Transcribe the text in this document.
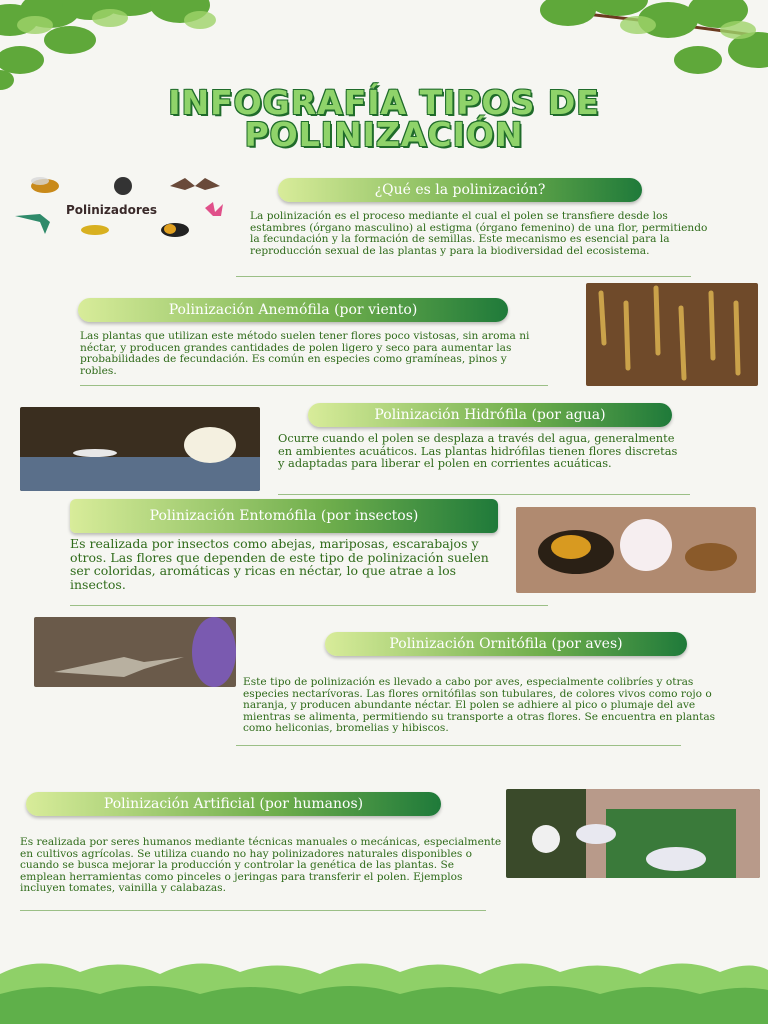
INFOGRAFÍA TIPOS DE
POLINIZACIÓN
Polinizadores
¿Qué es la polinización?
La polinización es el proceso mediante el cual el polen se transfiere desde los estambres (órgano masculino) al estigma (órgano femenino) de una flor, permitiendo la fecundación y la formación de semillas. Este mecanismo es esencial para la reproducción sexual de las plantas y para la biodiversidad del ecosistema.
Polinización Anemófila (por viento)
Las plantas que utilizan este método suelen tener flores poco vistosas, sin aroma ni néctar, y producen grandes cantidades de polen ligero y seco para aumentar las probabilidades de fecundación. Es común en especies como gramíneas, pinos y robles.
Polinización Hidrófila (por agua)
Ocurre cuando el polen se desplaza a través del agua, generalmente en ambientes acuáticos. Las plantas hidrófilas tienen flores discretas y adaptadas para liberar el polen en corrientes acuáticas.
Polinización Entomófila (por insectos)
Es realizada por insectos como abejas, mariposas, escarabajos y otros. Las flores que dependen de este tipo de polinización suelen ser coloridas, aromáticas y ricas en néctar, lo que atrae a los insectos.
Polinización Ornitófila (por aves)
Este tipo de polinización es llevado a cabo por aves, especialmente colibríes y otras especies nectarívoras. Las flores ornitófilas son tubulares, de colores vivos como rojo o naranja, y producen abundante néctar. El polen se adhiere al pico o plumaje del ave mientras se alimenta, permitiendo su transporte a otras flores. Se encuentra en plantas como heliconias, bromelias y hibiscos.
Polinización Artificial (por humanos)
Es realizada por seres humanos mediante técnicas manuales o mecánicas, especialmente en cultivos agrícolas. Se utiliza cuando no hay polinizadores naturales disponibles o cuando se busca mejorar la producción y controlar la genética de las plantas. Se emplean herramientas como pinceles o jeringas para transferir el polen. Ejemplos incluyen tomates, vainilla y calabazas.
